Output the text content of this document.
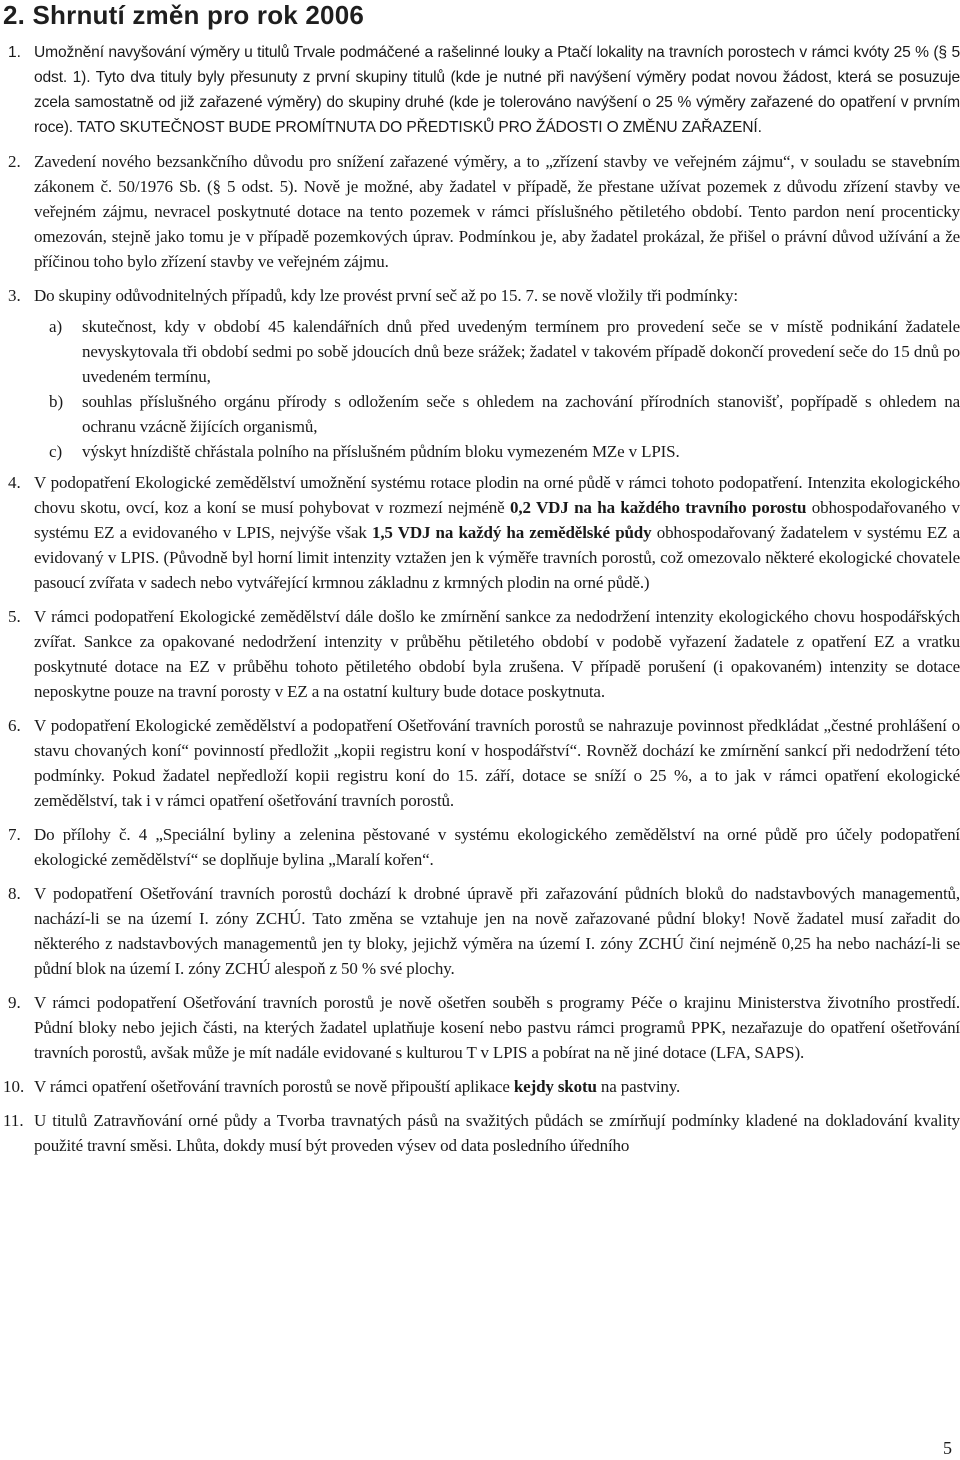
2. Shrnutí změn pro rok 2006
1. Umožnění navyšování výměry u titulů Trvale podmáčené a rašelinné louky a Ptačí lokality na travních porostech v rámci kvóty 25 % (§ 5 odst. 1). Tyto dva tituly byly přesunuty z první skupiny titulů (kde je nutné při navýšení výměry podat novou žádost, která se posuzuje zcela samostatně od již zařazené výměry) do skupiny druhé (kde je tolerováno navýšení o 25 % výměry zařazené do opatření v prvním roce). TATO SKUTEČNOST BUDE PROMÍTNUTA DO PŘEDTISKŮ PRO ŽÁDOSTI O ZMĚNU ZAŘAZENÍ.
2. Zavedení nového bezsankčního důvodu pro snížení zařazené výměry, a to „zřízení stavby ve veřejném zájmu“, v souladu se stavebním zákonem č. 50/1976 Sb. (§ 5 odst. 5). Nově je možné, aby žadatel v případě, že přestane užívat pozemek z důvodu zřízení stavby ve veřejném zájmu, nevracel poskytnuté dotace na tento pozemek v rámci příslušného pětiletého období. Tento pardon není procenticky omezován, stejně jako tomu je v případě pozemkových úprav. Podmínkou je, aby žadatel prokázal, že přišel o právní důvod užívání a že příčinou toho bylo zřízení stavby ve veřejném zájmu.
3. Do skupiny odůvodnitelných případů, kdy lze provést první seč až po 15. 7. se nově vložily tři podmínky:
a) skutečnost, kdy v období 45 kalendářních dnů před uvedeným termínem pro provedení seče se v místě podnikání žadatele nevyskytovala tři období sedmi po sobě jdoucích dnů beze srážek; žadatel v takovém případě dokončí provedení seče do 15 dnů po uvedeném termínu,
b) souhlas příslušného orgánu přírody s odložením seče s ohledem na zachování přírodních stanovišť, popřípadě s ohledem na ochranu vzácně žijících organismů,
c) výskyt hnízdiště chřástala polního na příslušném půdním bloku vymezeném MZe v LPIS.
4. V podopatření Ekologické zemědělství umožnění systému rotace plodin na orné půdě v rámci tohoto podopatření. Intenzita ekologického chovu skotu, ovcí, koz a koní se musí pohybovat v rozmezí nejméně 0,2 VDJ na ha každého travního porostu obhospodařovaného v systému EZ a evidovaného v LPIS, nejvýše však 1,5 VDJ na každý ha zemědělské půdy obhospodařovaný žadatelem v systému EZ a evidovaný v LPIS. (Původně byl horní limit intenzity vztažen jen k výměře travních porostů, což omezovalo některé ekologické chovatele pasoucí zvířata v sadech nebo vytvářející krmnou základnu z krmných plodin na orné půdě.)
5. V rámci podopatření Ekologické zemědělství dále došlo ke zmírnění sankce za nedodržení intenzity ekologického chovu hospodářských zvířat. Sankce za opakované nedodržení intenzity v průběhu pětiletého období v podobě vyřazení žadatele z opatření EZ a vratku poskytnuté dotace na EZ v průběhu tohoto pětiletého období byla zrušena. V případě porušení (i opakovaném) intenzity se dotace neposkytne pouze na travní porosty v EZ a na ostatní kultury bude dotace poskytnuta.
6. V podopatření Ekologické zemědělství a podopatření Ošetřování travních porostů se nahrazuje povinnost předkládat „čestné prohlášení o stavu chovaných koní“ povinností předložit „kopii registru koní v hospodářství“. Rovněž dochází ke zmírnění sankcí při nedodržení této podmínky. Pokud žadatel nepředloží kopii registru koní do 15. září, dotace se sníží o 25 %, a to jak v rámci opatření ekologické zemědělství, tak i v rámci opatření ošetřování travních porostů.
7. Do přílohy č. 4 „Speciální byliny a zelenina pěstované v systému ekologického zemědělství na orné půdě pro účely podopatření ekologické zemědělství“ se doplňuje bylina „Maralí kořen“.
8. V podopatření Ošetřování travních porostů dochází k drobné úpravě při zařazování půdních bloků do nadstavbových managementů, nachází-li se na území I. zóny ZCHÚ. Tato změna se vztahuje jen na nově zařazované půdní bloky! Nově žadatel musí zařadit do některého z nadstavbových managementů jen ty bloky, jejichž výměra na území I. zóny ZCHÚ činí nejméně 0,25 ha nebo nachází-li se půdní blok na území I. zóny ZCHÚ alespoň z 50 % své plochy.
9. V rámci podopatření Ošetřování travních porostů je nově ošetřen souběh s programy Péče o krajinu Ministerstva životního prostředí. Půdní bloky nebo jejich části, na kterých žadatel uplatňuje kosení nebo pastvu rámci programů PPK, nezařazuje do opatření ošetřování travních porostů, avšak může je mít nadále evidované s kulturou T v LPIS a pobírat na ně jiné dotace (LFA, SAPS).
10. V rámci opatření ošetřování travních porostů se nově připouští aplikace kejdy skotu na pastviny.
11. U titulů Zatravňování orné půdy a Tvorba travnatých pásů na svažitých půdách se zmírňují podmínky kladené na dokladování kvality použité travní směsi. Lhůta, dokdy musí být proveden výsev od data posledního úředního
5
